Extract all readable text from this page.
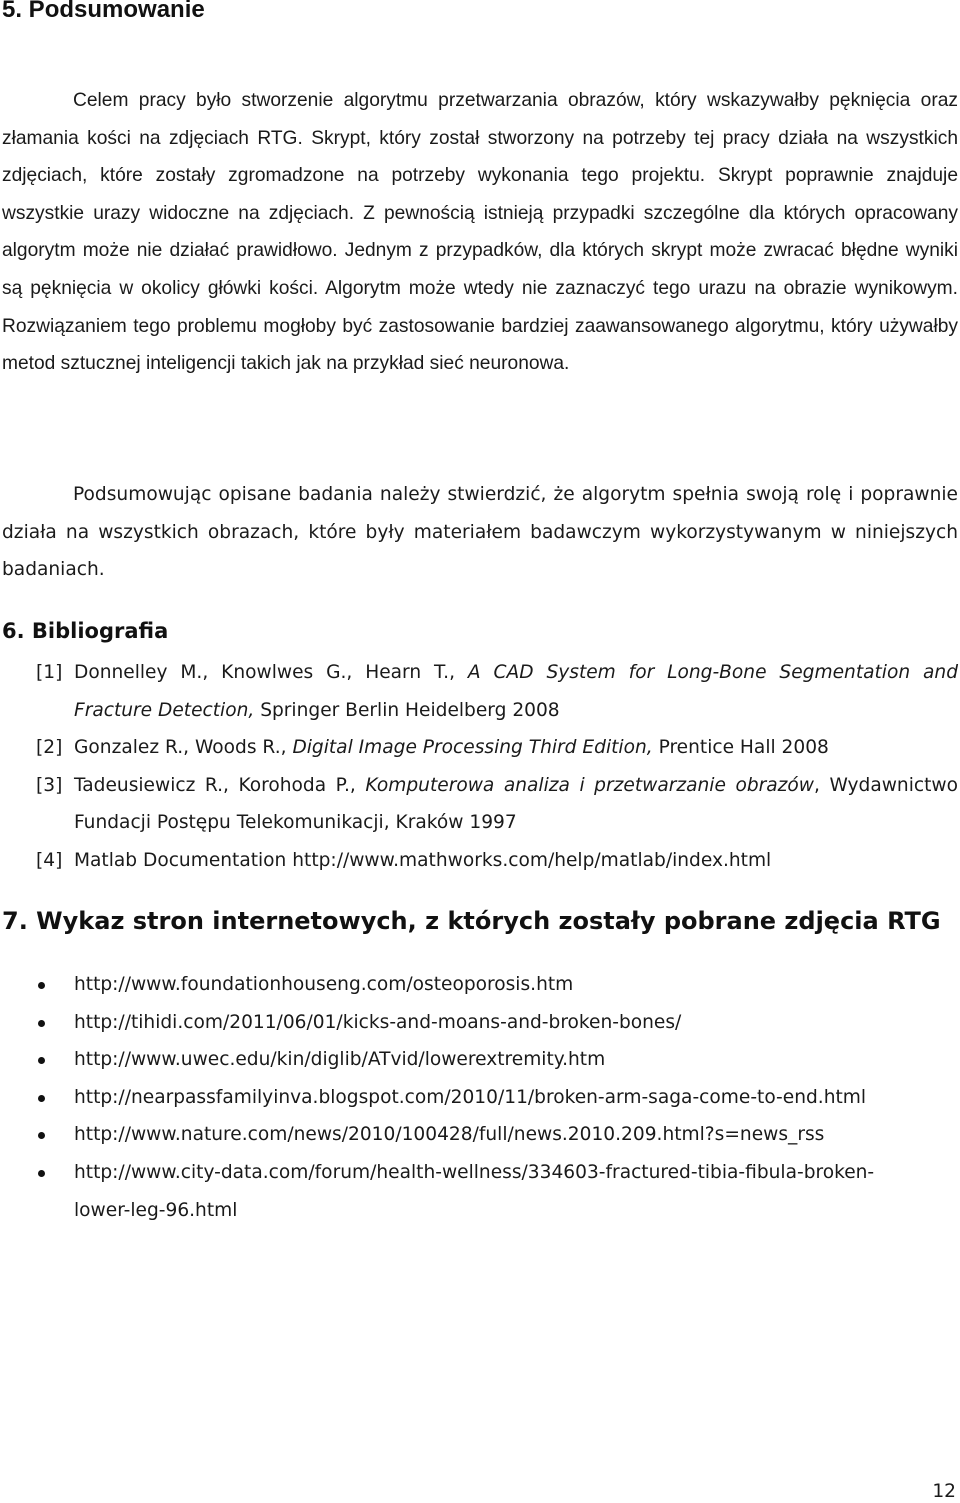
5. Podsumowanie

Celem pracy było stworzenie algorytmu przetwarzania obrazów, który wskazywałby pęknięcia oraz złamania kości na zdjęciach RTG. Skrypt, który został stworzony na potrzeby tej pracy działa na wszystkich zdjęciach, które zostały zgromadzone na potrzeby wykonania tego projektu. Skrypt poprawnie znajduje wszystkie urazy widoczne na zdjęciach. Z pewnością istnieją przypadki szczególne dla których opracowany algorytm może nie działać prawidłowo. Jednym z przypadków, dla których skrypt może zwracać błędne wyniki są pęknięcia w okolicy główki kości. Algorytm może wtedy nie zaznaczyć tego urazu na obrazie wynikowym. Rozwiązaniem tego problemu mogłoby być zastosowanie bardziej zaawansowanego algorytmu, który używałby metod sztucznej inteligencji takich jak na przykład sieć neuronowa.

Podsumowując opisane badania należy stwierdzić, że algorytm spełnia swoją rolę i poprawnie działa na wszystkich obrazach, które były materiałem badawczym wykorzystywanym w niniejszych badaniach.

6. Bibliografia
[1] Donnelley M., Knowlwes G., Hearn T., A CAD System for Long-Bone Segmentation and Fracture Detection, Springer Berlin Heidelberg 2008
[2] Gonzalez R., Woods R., Digital Image Processing Third Edition, Prentice Hall 2008
[3] Tadeusiewicz R., Korohoda P., Komputerowa analiza i przetwarzanie obrazów, Wydawnictwo Fundacji Postępu Telekomunikacji, Kraków 1997
[4] Matlab Documentation http://www.mathworks.com/help/matlab/index.html
7. Wykaz stron internetowych, z których zostały pobrane zdjęcia RTG
http://www.foundationhouseng.com/osteoporosis.htm
http://tihidi.com/2011/06/01/kicks-and-moans-and-broken-bones/
http://www.uwec.edu/kin/diglib/ATvid/lowerextremity.htm
http://nearpassfamilyinva.blogspot.com/2010/11/broken-arm-saga-come-to-end.html
http://www.nature.com/news/2010/100428/full/news.2010.209.html?s=news_rss
http://www.city-data.com/forum/health-wellness/334603-fractured-tibia-fibula-broken-lower-leg-96.html
12
